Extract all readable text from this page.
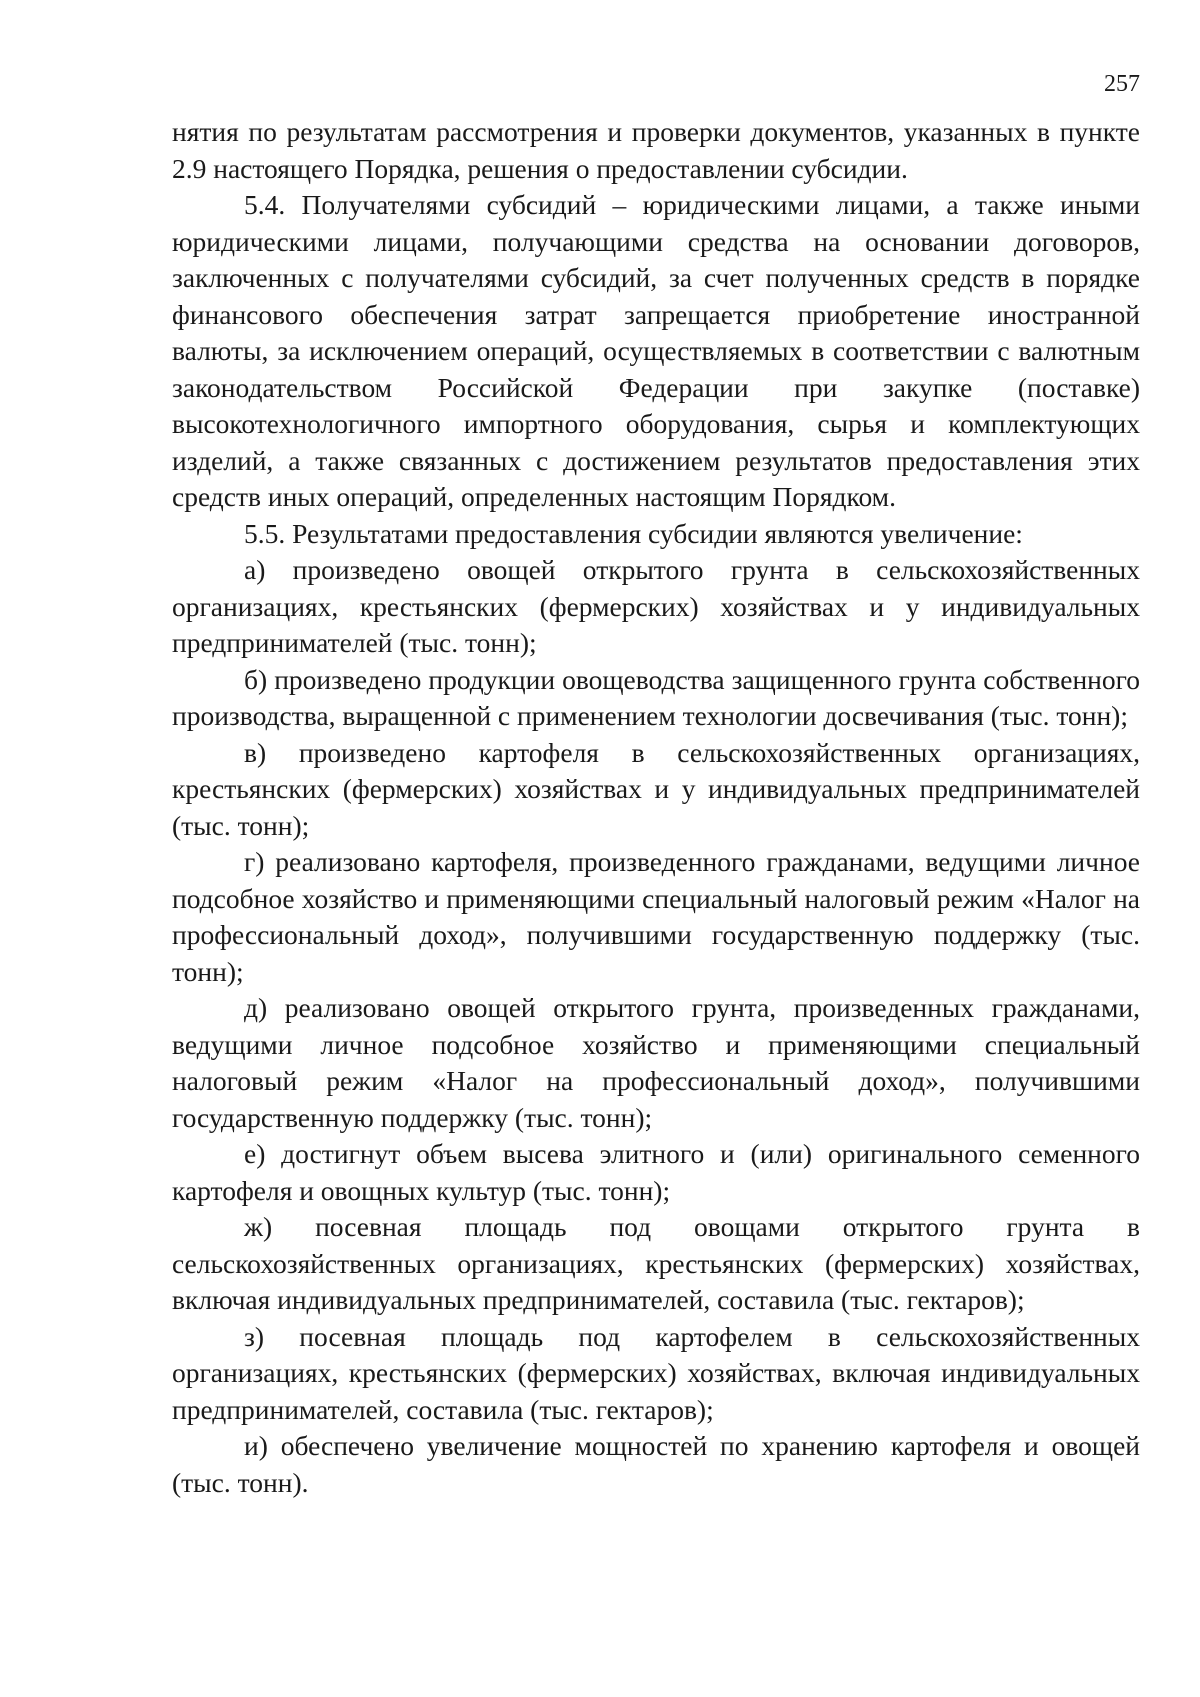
257

нятия по результатам рассмотрения и проверки документов, указанных в пункте 2.9 настоящего Порядка, решения о предоставлении субсидии.

5.4. Получателями субсидий – юридическими лицами, а также иными юридическими лицами, получающими средства на основании договоров, заключенных с получателями субсидий, за счет полученных средств в порядке финансового обеспечения затрат запрещается приобретение иностранной валюты, за исключением операций, осуществляемых в соответствии с валютным законодательством Российской Федерации при закупке (поставке) высокотехнологичного импортного оборудования, сырья и комплектующих изделий, а также связанных с достижением результатов предоставления этих средств иных операций, определенных настоящим Порядком.

5.5. Результатами предоставления субсидии являются увеличение:

а) произведено овощей открытого грунта в сельскохозяйственных организациях, крестьянских (фермерских) хозяйствах и у индивидуальных предпринимателей (тыс. тонн);

б) произведено продукции овощеводства защищенного грунта собственного производства, выращенной с применением технологии досвечивания (тыс. тонн);

в) произведено картофеля в сельскохозяйственных организациях, крестьянских (фермерских) хозяйствах и у индивидуальных предпринимателей (тыс. тонн);

г) реализовано картофеля, произведенного гражданами, ведущими личное подсобное хозяйство и применяющими специальный налоговый режим «Налог на профессиональный доход», получившими государственную поддержку (тыс. тонн);

д) реализовано овощей открытого грунта, произведенных гражданами, ведущими личное подсобное хозяйство и применяющими специальный налоговый режим «Налог на профессиональный доход», получившими государственную поддержку (тыс. тонн);

е) достигнут объем высева элитного и (или) оригинального семенного картофеля и овощных культур (тыс. тонн);

ж) посевная площадь под овощами открытого грунта в сельскохозяйственных организациях, крестьянских (фермерских) хозяйствах, включая индивидуальных предпринимателей, составила (тыс. гектаров);

з) посевная площадь под картофелем в сельскохозяйственных организациях, крестьянских (фермерских) хозяйствах, включая индивидуальных предпринимателей, составила (тыс. гектаров);

и) обеспечено увеличение мощностей по хранению картофеля и овощей (тыс. тонн).
